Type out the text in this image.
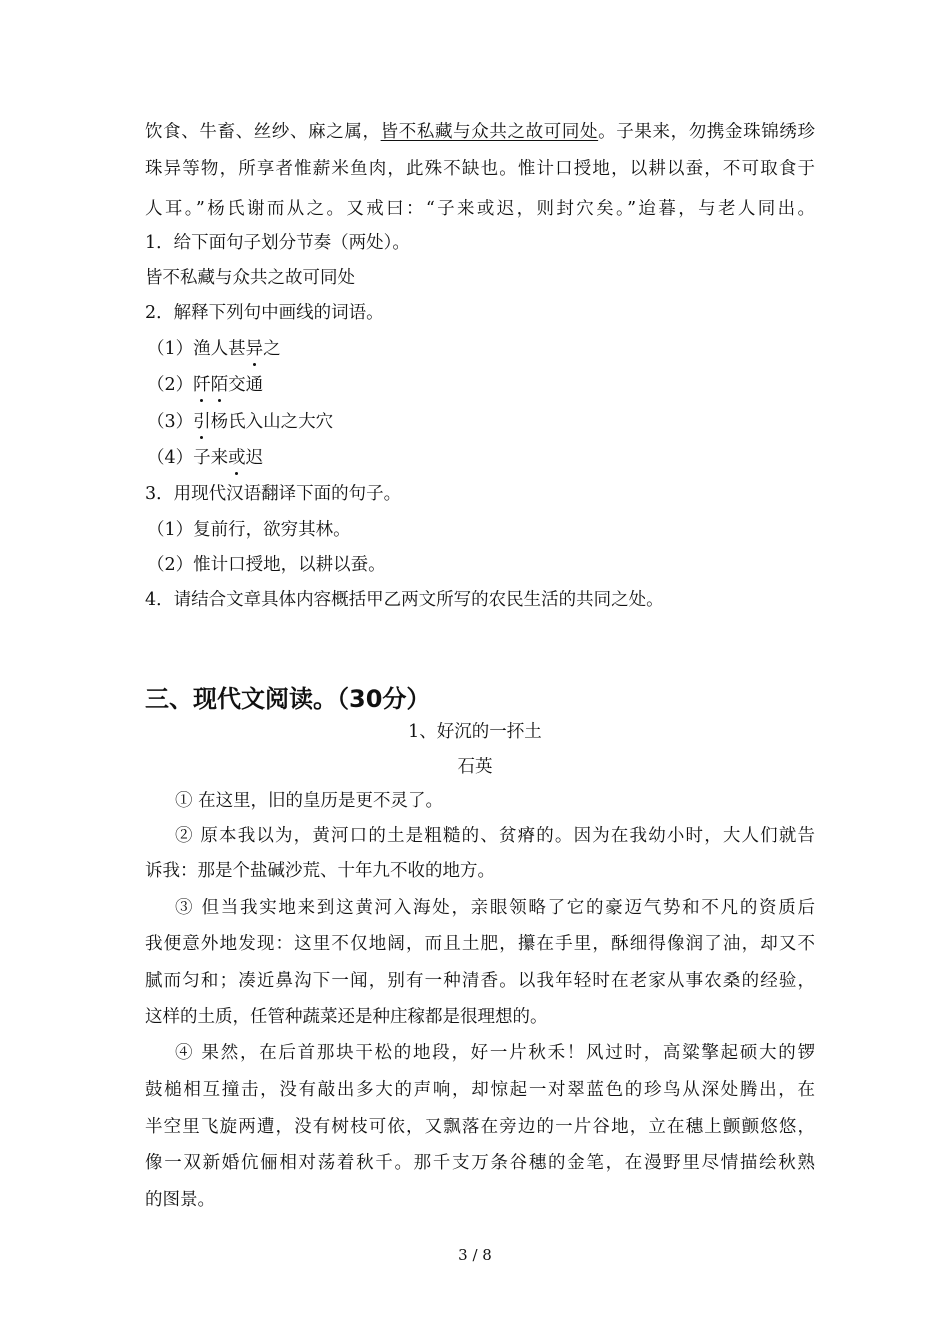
饮食、牛畜、丝纱、麻之属，皆不私藏与众共之故可同处。子果来，勿携金珠锦绣珍
珠异等物，所享者惟薪米鱼肉，此殊不缺也。惟计口授地，以耕以蚕，不可取食于
人耳。”杨氏谢而从之。又戒曰：“子来或迟，则封穴矣。”迨暮，与老人同出。
1．给下面句子划分节奏（两处）。
皆不私藏与众共之故可同处
2．解释下列句中画线的词语。
（1）渔人甚异之
（2）阡陌交通
（3）引杨氏入山之大穴
（4）子来或迟
3．用现代汉语翻译下面的句子。
（1）复前行，欲穷其林。
（2）惟计口授地，以耕以蚕。
4．请结合文章具体内容概括甲乙两文所写的农民生活的共同之处。
三、现代文阅读。（30分）
1、好沉的一抔土
石英
① 在这里，旧的皇历是更不灵了。
② 原本我以为，黄河口的土是粗糙的、贫瘠的。因为在我幼小时，大人们就告
诉我：那是个盐碱沙荒、十年九不收的地方。
③ 但当我实地来到这黄河入海处，亲眼领略了它的豪迈气势和不凡的资质后
我便意外地发现：这里不仅地阔，而且土肥，攥在手里，酥细得像润了油，却又不
腻而匀和；凑近鼻沟下一闻，别有一种清香。以我年轻时在老家从事农桑的经验，
这样的土质，任管种蔬菜还是种庄稼都是很理想的。
④ 果然，在后首那块干松的地段，好一片秋禾！风过时，高粱擎起硕大的锣
鼓槌相互撞击，没有敲出多大的声响，却惊起一对翠蓝色的珍鸟从深处腾出，在
半空里飞旋两遭，没有树枝可依，又飘落在旁边的一片谷地，立在穗上颤颤悠悠，
像一双新婚伉俪相对荡着秋千。那千支万条谷穗的金笔，在漫野里尽情描绘秋熟
的图景。
3 / 8
